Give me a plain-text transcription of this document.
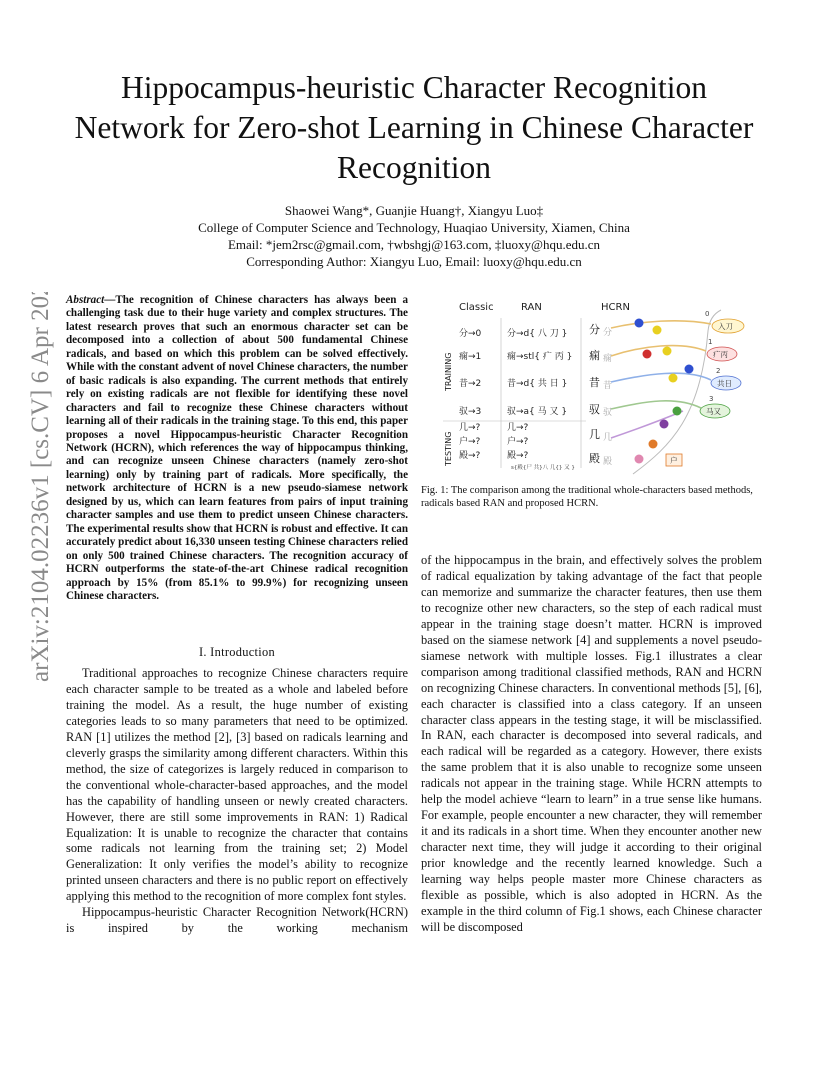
arXiv:2104.02236v1 [cs.CV] 6 Apr 2021
Hippocampus-heuristic Character Recognition Network for Zero-shot Learning in Chinese Character Recognition
Shaowei Wang*, Guanjie Huang†, Xiangyu Luo‡
College of Computer Science and Technology, Huaqiao University, Xiamen, China
Email: *jem2rsc@gmail.com, †wbshgj@163.com, ‡luoxy@hqu.edu.cn
Corresponding Author: Xiangyu Luo, Email: luoxy@hqu.edu.cn
Abstract—The recognition of Chinese characters has always been a challenging task due to their huge variety and complex structures. The latest research proves that such an enormous character set can be decomposed into a collection of about 500 fundamental Chinese radicals, and based on which this problem can be solved effectively. While with the constant advent of novel Chinese characters, the number of basic radicals is also expanding. The current methods that entirely rely on existing radicals are not flexible for identifying these novel characters and fail to recognize these Chinese characters without learning all of their radicals in the training stage. To this end, this paper proposes a novel Hippocampus-heuristic Character Recognition Network (HCRN), which references the way of hippocampus thinking, and can recognize unseen Chinese characters (namely zero-shot learning) only by training part of radicals. More specifically, the network architecture of HCRN is a new pseudo-siamese network designed by us, which can learn features from pairs of input training character samples and use them to predict unseen Chinese characters. The experimental results show that HCRN is robust and effective. It can accurately predict about 16,330 unseen testing Chinese characters relied on only 500 trained Chinese characters. The recognition accuracy of HCRN outperforms the state-of-the-art Chinese radical recognition approach by 15% (from 85.1% to 99.9%) for recognizing unseen Chinese characters.
I. Introduction

Traditional approaches to recognize Chinese characters require each character sample to be treated as a whole and labeled before training the model. As a result, the huge number of existing categories leads to so many parameters that need to be optimized. RAN [1] utilizes the method [2], [3] based on radicals learning and cleverly grasps the similarity among different characters. Within this method, the size of categorizes is largely reduced in comparison to the conventional whole-character-based approaches, and the model has the capability of handling unseen or newly created characters. However, there are still some improvements in RAN: 1) Radical Equalization: It is unable to recognize the character that contains some radicals not learning from the training set; 2) Model Generalization: It only verifies the model’s ability to recognize printed unseen characters and there is no public report on effectively applying this method to the recognition of more complex font styles.

Hippocampus-heuristic Character Recognition Network(HCRN) is inspired by the working mechanism

Classic	RAN	HCRN
TRAINING
TESTING
分→0
痫→1
昔→2
驭→3
几→?
户→?
殿→?
分→d{ 八 刀 }
痫→stl{ 疒 丙 }
昔→d{ 共 日 }
驭→a{ 马 又 }
几→?
户→?
殿→?
s{殿{尸 共}八 几{} 又 }
分
痫
昔
驭
几
殿
分
痫
昔
驭
几
殿
入刀
疒丙
共日
马又
户
0
1
2
3
Fig. 1: The comparison among the traditional whole-characters based methods, radicals based RAN and proposed HCRN.

of the hippocampus in the brain, and effectively solves the problem of radical equalization by taking advantage of the fact that people can memorize and summarize the character features, then use them to recognize other new characters, so the step of each radical must appear in the training stage doesn’t matter. HCRN is improved based on the siamese network [4] and supplements a novel pseudo-siamese network with multiple losses. Fig.1 illustrates a clear comparison among traditional classified methods, RAN and HCRN on recognizing Chinese characters. In conventional methods [5], [6], each character is classified into a class category. If an unseen character class appears in the testing stage, it will be misclassified. In RAN, each character is decomposed into several radicals, and each radical will be regarded as a category. However, there exists the same problem that it is also unable to recognize some unseen radicals not appear in the training stage. While HCRN attempts to help the model achieve “learn to learn” in a true sense like humans. For example, people encounter a new character, they will remember it and its radicals in a short time. When they encounter another new character next time, they will judge it according to their original prior knowledge and the recently learned knowledge. Such a learning way helps people master more Chinese characters as flexible as possible, which is also adopted in HCRN. As the example in the third column of Fig.1 shows, each Chinese character will be discomposed
